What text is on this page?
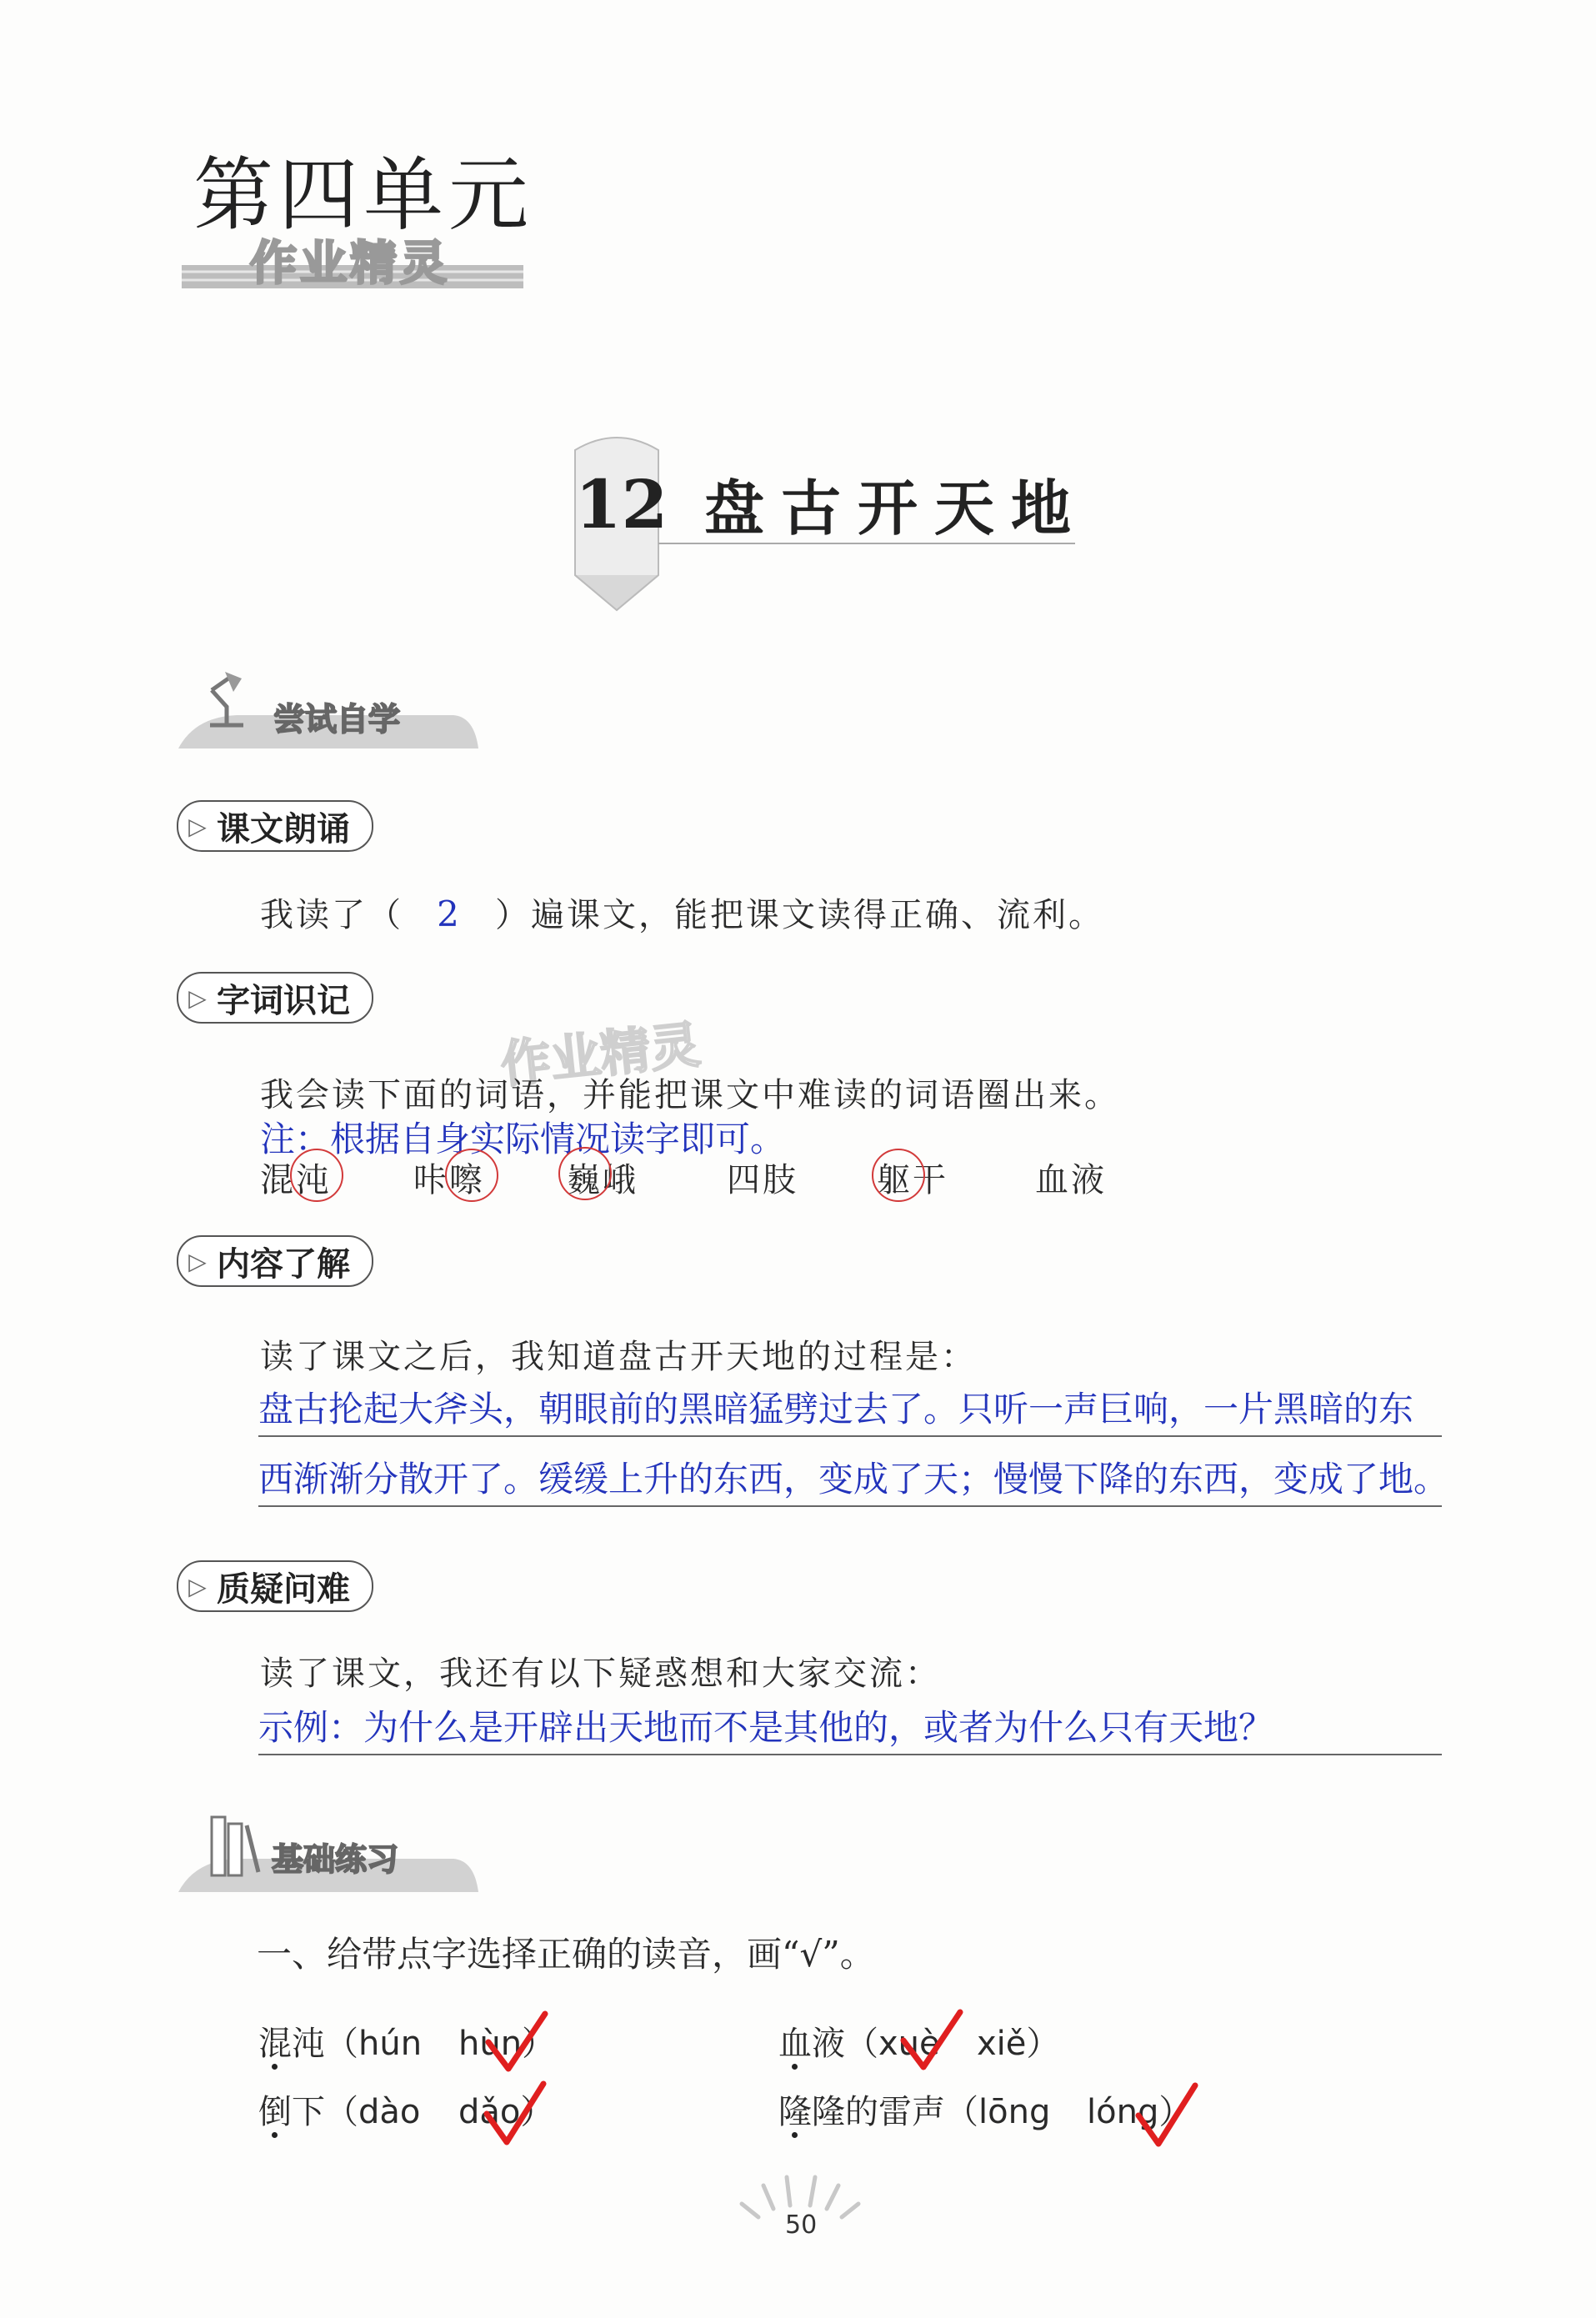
第四单元
作业精灵
12 盘古开天地
尝试自学
▷ 课文朗诵
我读了（ 2 ）遍课文，能把课文读得正确、流利。
▷ 字词识记
作业精灵
我会读下面的词语，并能把课文中难读的词语圈出来。
注：根据自身实际情况读字即可。
混沌 咔嚓 巍峨	四肢 躯干	血液
▷ 内容了解
读了课文之后，我知道盘古开天地的过程是：
盘古抡起大斧头，朝眼前的黑暗猛劈过去了。只听一声巨响，一片黑暗的东
西渐渐分散开了。缓缓上升的东西，变成了天；慢慢下降的东西，变成了地。
▷ 质疑问难
读了课文，我还有以下疑惑想和大家交流：
示例：为什么是开辟出天地而不是其他的，或者为什么只有天地？
基础练习
一、给带点字选择正确的读音，画“√”。
混沌（hún hùn）	血液（xuè xiě）
倒下（dào dǎo）	隆隆的雷声（lōng lóng）
50
